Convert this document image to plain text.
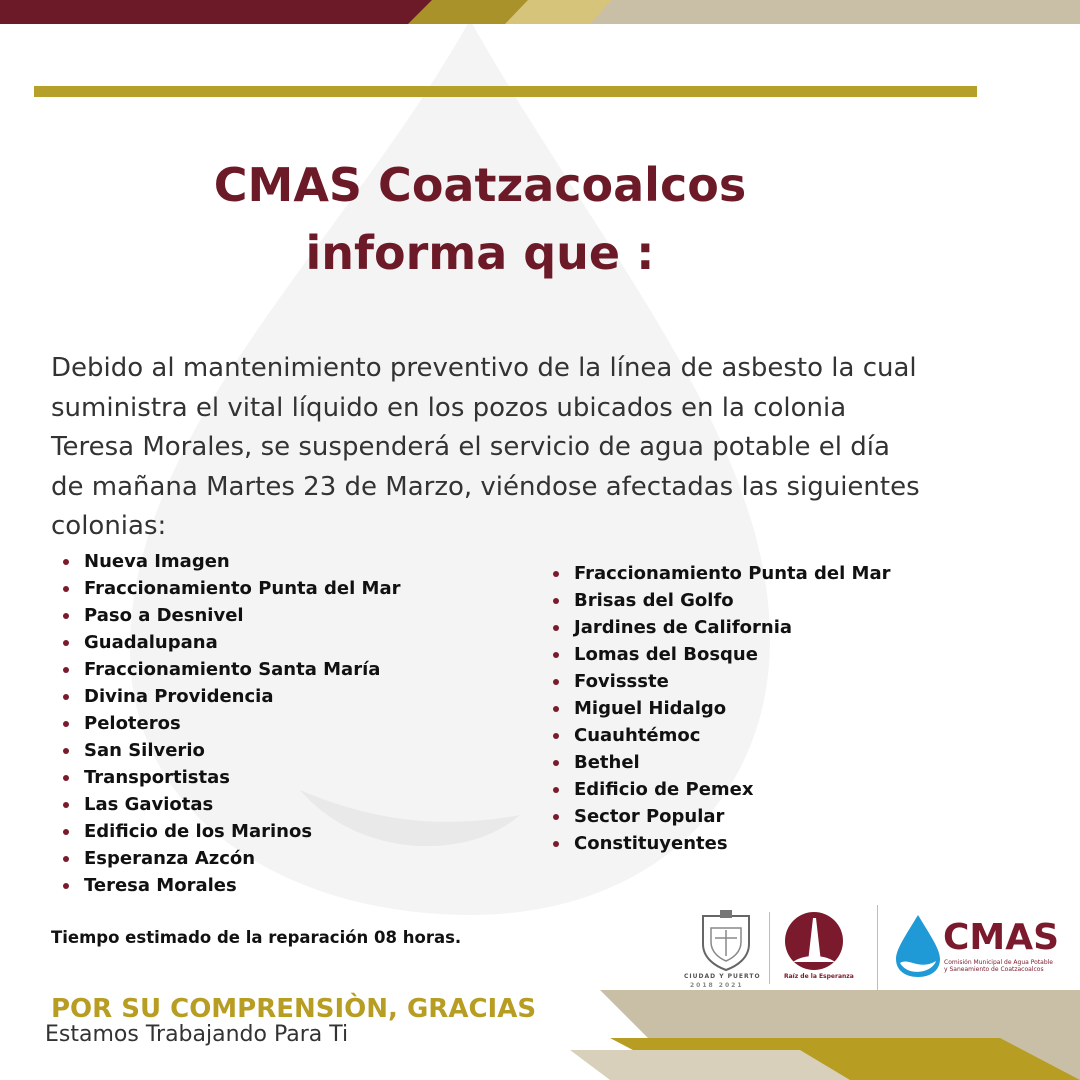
CMAS Coatzacoalcos
informa que :
Debido al mantenimiento preventivo de la línea de asbesto la cual
suministra el vital líquido en los pozos ubicados en la colonia
Teresa Morales, se suspenderá el servicio de agua potable el día
de mañana Martes 23 de Marzo, viéndose afectadas las siguientes
colonias:
Nueva Imagen
Fraccionamiento Punta del Mar
Paso a Desnivel
Guadalupana
Fraccionamiento Santa María
Divina Providencia
Peloteros
San Silverio
Transportistas
Las Gaviotas
Edificio de los Marinos
Esperanza Azcón
Teresa Morales
Fraccionamiento Punta del Mar
Brisas del Golfo
Jardines de California
Lomas del Bosque
Fovissste
Miguel Hidalgo
Cuauhtémoc
Bethel
Edificio de Pemex
Sector Popular
Constituyentes
Tiempo estimado de la reparación 08 horas.
POR SU COMPRENSIÒN, GRACIAS
Estamos Trabajando Para Ti
CIUDAD Y PUERTO
2018 2021
Raíz de la Esperanza
CMAS
Comisión Municipal de Agua Potable
y Saneamiento de Coatzacoalcos
